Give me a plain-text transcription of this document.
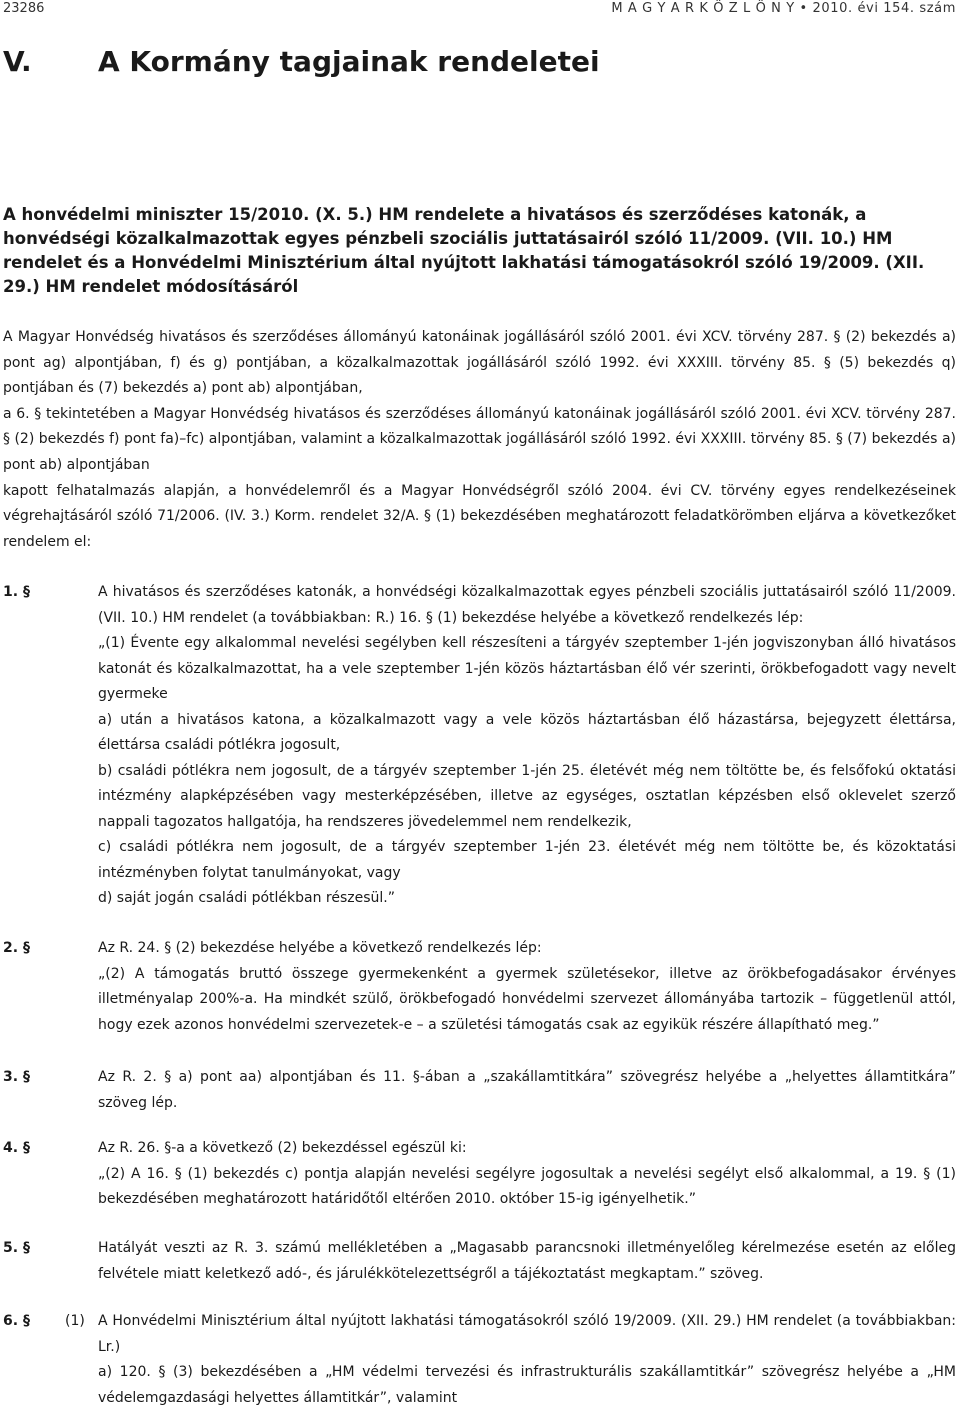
23286	M A G Y A R K Ö Z L Ö N Y • 2010. évi 154. szám
V. A Kormány tagjainak rendeletei
A honvédelmi miniszter 15/2010. (X. 5.) HM rendelete a hivatásos és szerződéses katonák, a honvédségi közalkalmazottak egyes pénzbeli szociális juttatásairól szóló 11/2009. (VII. 10.) HM rendelet és a Honvédelmi Minisztérium által nyújtott lakhatási támogatásokról szóló 19/2009. (XII. 29.) HM rendelet módosításáról

A Magyar Honvédség hivatásos és szerződéses állományú katonáinak jogállásáról szóló 2001. évi XCV. törvény 287. § (2) bekezdés a) pont ag) alpontjában, f) és g) pontjában, a közalkalmazottak jogállásáról szóló 1992. évi XXXIII. törvény 85. § (5) bekezdés q) pontjában és (7) bekezdés a) pont ab) alpontjában,

a 6. § tekintetében a Magyar Honvédség hivatásos és szerződéses állományú katonáinak jogállásáról szóló 2001. évi XCV. törvény 287. § (2) bekezdés f) pont fa)–fc) alpontjában, valamint a közalkalmazottak jogállásáról szóló 1992. évi XXXIII. törvény 85. § (7) bekezdés a) pont ab) alpontjában

kapott felhatalmazás alapján, a honvédelemről és a Magyar Honvédségről szóló 2004. évi CV. törvény egyes rendelkezéseinek végrehajtásáról szóló 71/2006. (IV. 3.) Korm. rendelet 32/A. § (1) bekezdésében meghatározott feladatkörömben eljárva a következőket rendelem el:

1. §	A hivatásos és szerződéses katonák, a honvédségi közalkalmazottak egyes pénzbeli szociális juttatásairól szóló 11/2009. (VII. 10.) HM rendelet (a továbbiakban: R.) 16. § (1) bekezdése helyébe a következő rendelkezés lép:

„(1) Évente egy alkalommal nevelési segélyben kell részesíteni a tárgyév szeptember 1-jén jogviszonyban álló hivatásos katonát és közalkalmazottat, ha a vele szeptember 1-jén közös háztartásban élő vér szerinti, örökbefogadott vagy nevelt gyermeke

a) után a hivatásos katona, a közalkalmazott vagy a vele közös háztartásban élő házastársa, bejegyzett élettársa, élettársa családi pótlékra jogosult,

b) családi pótlékra nem jogosult, de a tárgyév szeptember 1-jén 25. életévét még nem töltötte be, és felsőfokú oktatási intézmény alapképzésében vagy mesterképzésében, illetve az egységes, osztatlan képzésben első oklevelet szerző nappali tagozatos hallgatója, ha rendszeres jövedelemmel nem rendelkezik,

c) családi pótlékra nem jogosult, de a tárgyév szeptember 1-jén 23. életévét még nem töltötte be, és közoktatási intézményben folytat tanulmányokat, vagy

d) saját jogán családi pótlékban részesül.”

2. §	Az R. 24. § (2) bekezdése helyébe a következő rendelkezés lép:

„(2) A támogatás bruttó összege gyermekenként a gyermek születésekor, illetve az örökbefogadásakor érvényes illetményalap 200%-a. Ha mindkét szülő, örökbefogadó honvédelmi szervezet állományába tartozik – függetlenül attól, hogy ezek azonos honvédelmi szervezetek-e – a születési támogatás csak az egyikük részére állapítható meg.”

3. §	Az R. 2. § a) pont aa) alpontjában és 11. §-ában a „szakállamtitkára” szövegrész helyébe a „helyettes államtitkára” szöveg lép.

4. §	Az R. 26. §-a a következő (2) bekezdéssel egészül ki:

„(2) A 16. § (1) bekezdés c) pontja alapján nevelési segélyre jogosultak a nevelési segélyt első alkalommal, a 19. § (1) bekezdésében meghatározott határidőtől eltérően 2010. október 15-ig igényelhetik.”

5. §	Hatályát veszti az R. 3. számú mellékletében a „Magasabb parancsnoki illetményelőleg kérelmezése esetén az előleg felvétele miatt keletkező adó-, és járulékkötelezettségről a tájékoztatást megkaptam.” szöveg.

6. §	(1) A Honvédelmi Minisztérium által nyújtott lakhatási támogatásokról szóló 19/2009. (XII. 29.) HM rendelet (a továbbiakban: Lr.)

a) 120. § (3) bekezdésében a „HM védelmi tervezési és infrastrukturális szakállamtitkár” szövegrész helyébe a „HM védelemgazdasági helyettes államtitkár”, valamint
